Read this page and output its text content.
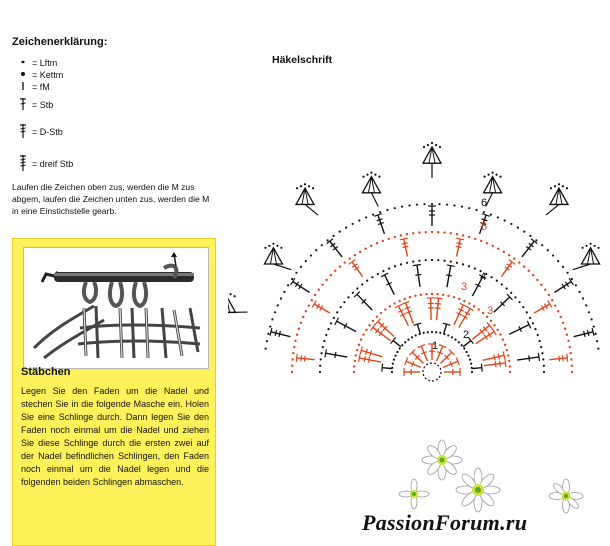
Zeichenerklärung:
= Lftm
= Kettm
= fM
= Stb
= D-Stb
= dreif Stb
Laufen die Zeichen oben zus, werden die M zus abgem, laufen die Zeichen unten zus, werden die M in eine Einstichstelle gearb.
Stäbchen
Legen Sie den Faden um die Nadel und stechen Sie in die folgende Masche ein. Holen Sie eine Schlinge durch. Dann legen Sie den Faden noch einmal um die Nadel und ziehen Sie diese Schlinge durch die ersten zwei auf der Nadel befindlichen Schlingen, den Faden noch einmal um die Nadel legen und die folgenden beiden Schlingen abmaschen.
Häkelschrift
1
2
3
3
4
5
6
PassionForum.ru
